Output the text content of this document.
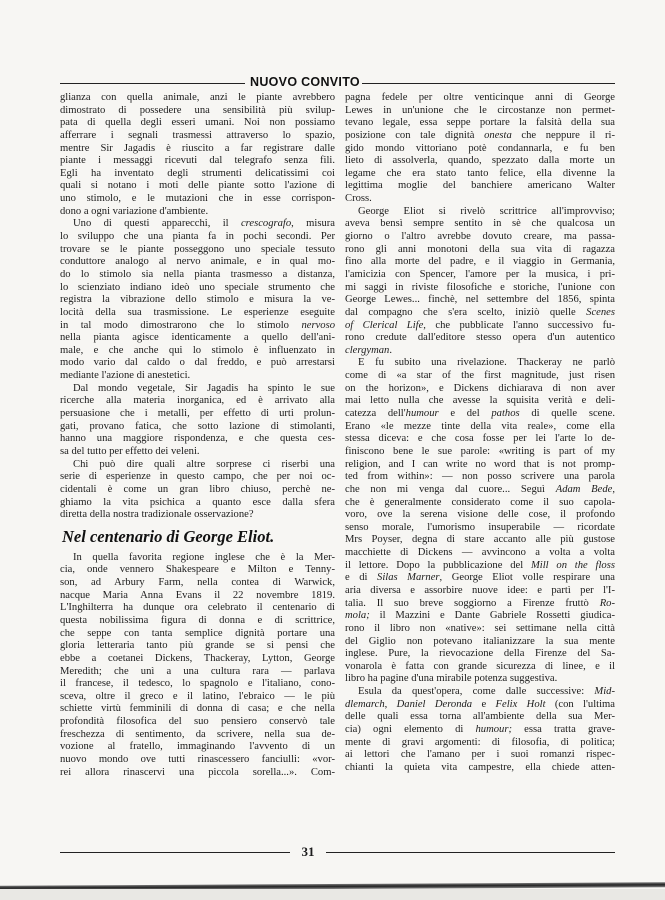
NUOVO CONVITO
glianza con quella animale, anzi le piante avrebbero
dimostrato di possedere una sensibilità più svilup-
pata di quella degli esseri umani. Noi non possiamo
afferrare i segnali trasmessi attraverso lo spazio,
mentre Sir Jagadis è riuscito a far registrare dalle
piante i messaggi ricevuti dal telegrafo senza fili.
Egli ha inventato degli strumenti delicatissimi coi
quali si notano i moti delle piante sotto l'azione di
uno stimolo, e le mutazioni che in esse corrispon-
dono a ogni variazione d'ambiente.
Uno di questi apparecchi, il crescografo, misura
lo sviluppo che una pianta fa in pochi secondi. Per
trovare se le piante posseggono uno speciale tessuto
conduttore analogo al nervo animale, e in qual mo-
do lo stimolo sia nella pianta trasmesso a distanza,
lo scienziato indiano ideò uno speciale strumento che
registra la vibrazione dello stimolo e misura la ve-
locità della sua trasmissione. Le esperienze eseguite
in tal modo dimostrarono che lo stimolo nervoso
nella pianta agisce identicamente a quello dell'ani-
male, e che anche qui lo stimolo è influenzato in
modo vario dal caldo o dal freddo, e può arrestarsi
mediante l'azione di anestetici.
Dal mondo vegetale, Sir Jagadis ha spinto le sue
ricerche alla materia inorganica, ed è arrivato alla
persuasione che i metalli, per effetto di urti prolun-
gati, provano fatica, che sotto lazione di stimolanti,
hanno una maggiore rispondenza, e che questa ces-
sa del tutto per effetto dei veleni.
Chi può dire quali altre sorprese ci riserbi una
serie di esperienze in questo campo, che per noi oc-
cidentali è come un gran libro chiuso, perchè ne-
ghiamo la vita psichica a quanto esce dalla sfera
diretta della nostra tradizionale osservazione?
Nel centenario di George Eliot.
In quella favorita regione inglese che è la Mer-
cia, onde vennero Shakespeare e Milton e Tenny-
son, ad Arbury Farm, nella contea di Warwick,
nacque Maria Anna Evans il 22 novembre 1819.
L'Inghilterra ha dunque ora celebrato il centenario di
questa nobilissima figura di donna e di scrittrice,
che seppe con tanta semplice dignità portare una
gloria letteraria tanto più grande se si pensi che
ebbe a coetanei Dickens, Thackeray, Lytton, George
Meredith; che unì a una cultura rara — parlava
il francese, il tedesco, lo spagnolo e l'italiano, cono-
sceva, oltre il greco e il latino, l'ebraico — le più
schiette virtù femminili di donna di casa; e che nella
profondità filosofica del suo pensiero conservò tale
freschezza di sentimento, da scrivere, nella sua de-
vozione al fratello, immaginando l'avvento di un
nuovo mondo ove tutti rinascessero fanciulli: «vor-
rei allora rinascervi una piccola sorella...». Com-
pagna fedele per oltre venticinque anni di George
Lewes in un'unione che le circostanze non permet-
tevano legale, essa seppe portare la falsità della sua
posizione con tale dignità onesta che neppure il ri-
gido mondo vittoriano potè condannarla, e fu ben
lieto di assolverla, quando, spezzato dalla morte un
legame che era stato tanto felice, ella divenne la
legittima moglie del banchiere americano Walter
Cross.
George Eliot si rivelò scrittrice all'improvviso;
aveva bensì sempre sentito in sè che qualcosa un
giorno o l'altro avrebbe dovuto creare, ma passa-
rono gli anni monotoni della sua vita di ragazza
fino alla morte del padre, e il viaggio in Germania,
l'amicizia con Spencer, l'amore per la musica, i pri-
mi saggi in riviste filosofiche e storiche, l'unione con
George Lewes... finchè, nel settembre del 1856, spinta
dal compagno che s'era scelto, iniziò quelle Scenes
of Clerical Life, che pubblicate l'anno successivo fu-
rono credute dall'editore stesso opera d'un autentico
clergyman.
E fu subito una rivelazione. Thackeray ne parlò
come di «a star of the first magnitude, just risen
on the horizon», e Dickens dichiarava di non aver
mai letto nulla che avesse la squisita verità e deli-
catezza dell'humour e del pathos di quelle scene.
Erano «le mezze tinte della vita reale», come ella
stessa diceva: e che cosa fosse per lei l'arte lo de-
finiscono bene le sue parole: «writing is part of my
religion, and I can write no word that is not promp-
ted from within»: — non posso scrivere una parola
che non mi venga dal cuore... Seguì Adam Bede,
che è generalmente considerato come il suo capola-
voro, ove la serena visione delle cose, il profondo
senso morale, l'umorismo insuperabile — ricordate
Mrs Poyser, degna di stare accanto alle più gustose
macchiette di Dickens — avvincono a volta a volta
il lettore. Dopo la pubblicazione del Mill on the floss
e di Silas Marner, George Eliot volle respirare una
aria diversa e assorbire nuove idee: e partì per l'I-
talia. Il suo breve soggiorno a Firenze fruttò Ro-
mola; il Mazzini e Dante Gabriele Rossetti giudica-
rono il libro non «native»: sei settimane nella città
del Giglio non potevano italianizzare la sua mente
inglese. Pure, la rievocazione della Firenze del Sa-
vonarola è fatta con grande sicurezza di linee, e il
libro ha pagine d'una mirabile potenza suggestiva.
Esula da quest'opera, come dalle successive: Mid-
dlemarch, Daniel Deronda e Felix Holt (con l'ultima
delle quali essa torna all'ambiente della sua Mer-
cia) ogni elemento di humour; essa tratta grave-
mente di gravi argomenti: di filosofia, di politica;
ai lettori che l'amano per i suoi romanzi rispec-
chianti la quieta vita campestre, ella chiede atten-
31
